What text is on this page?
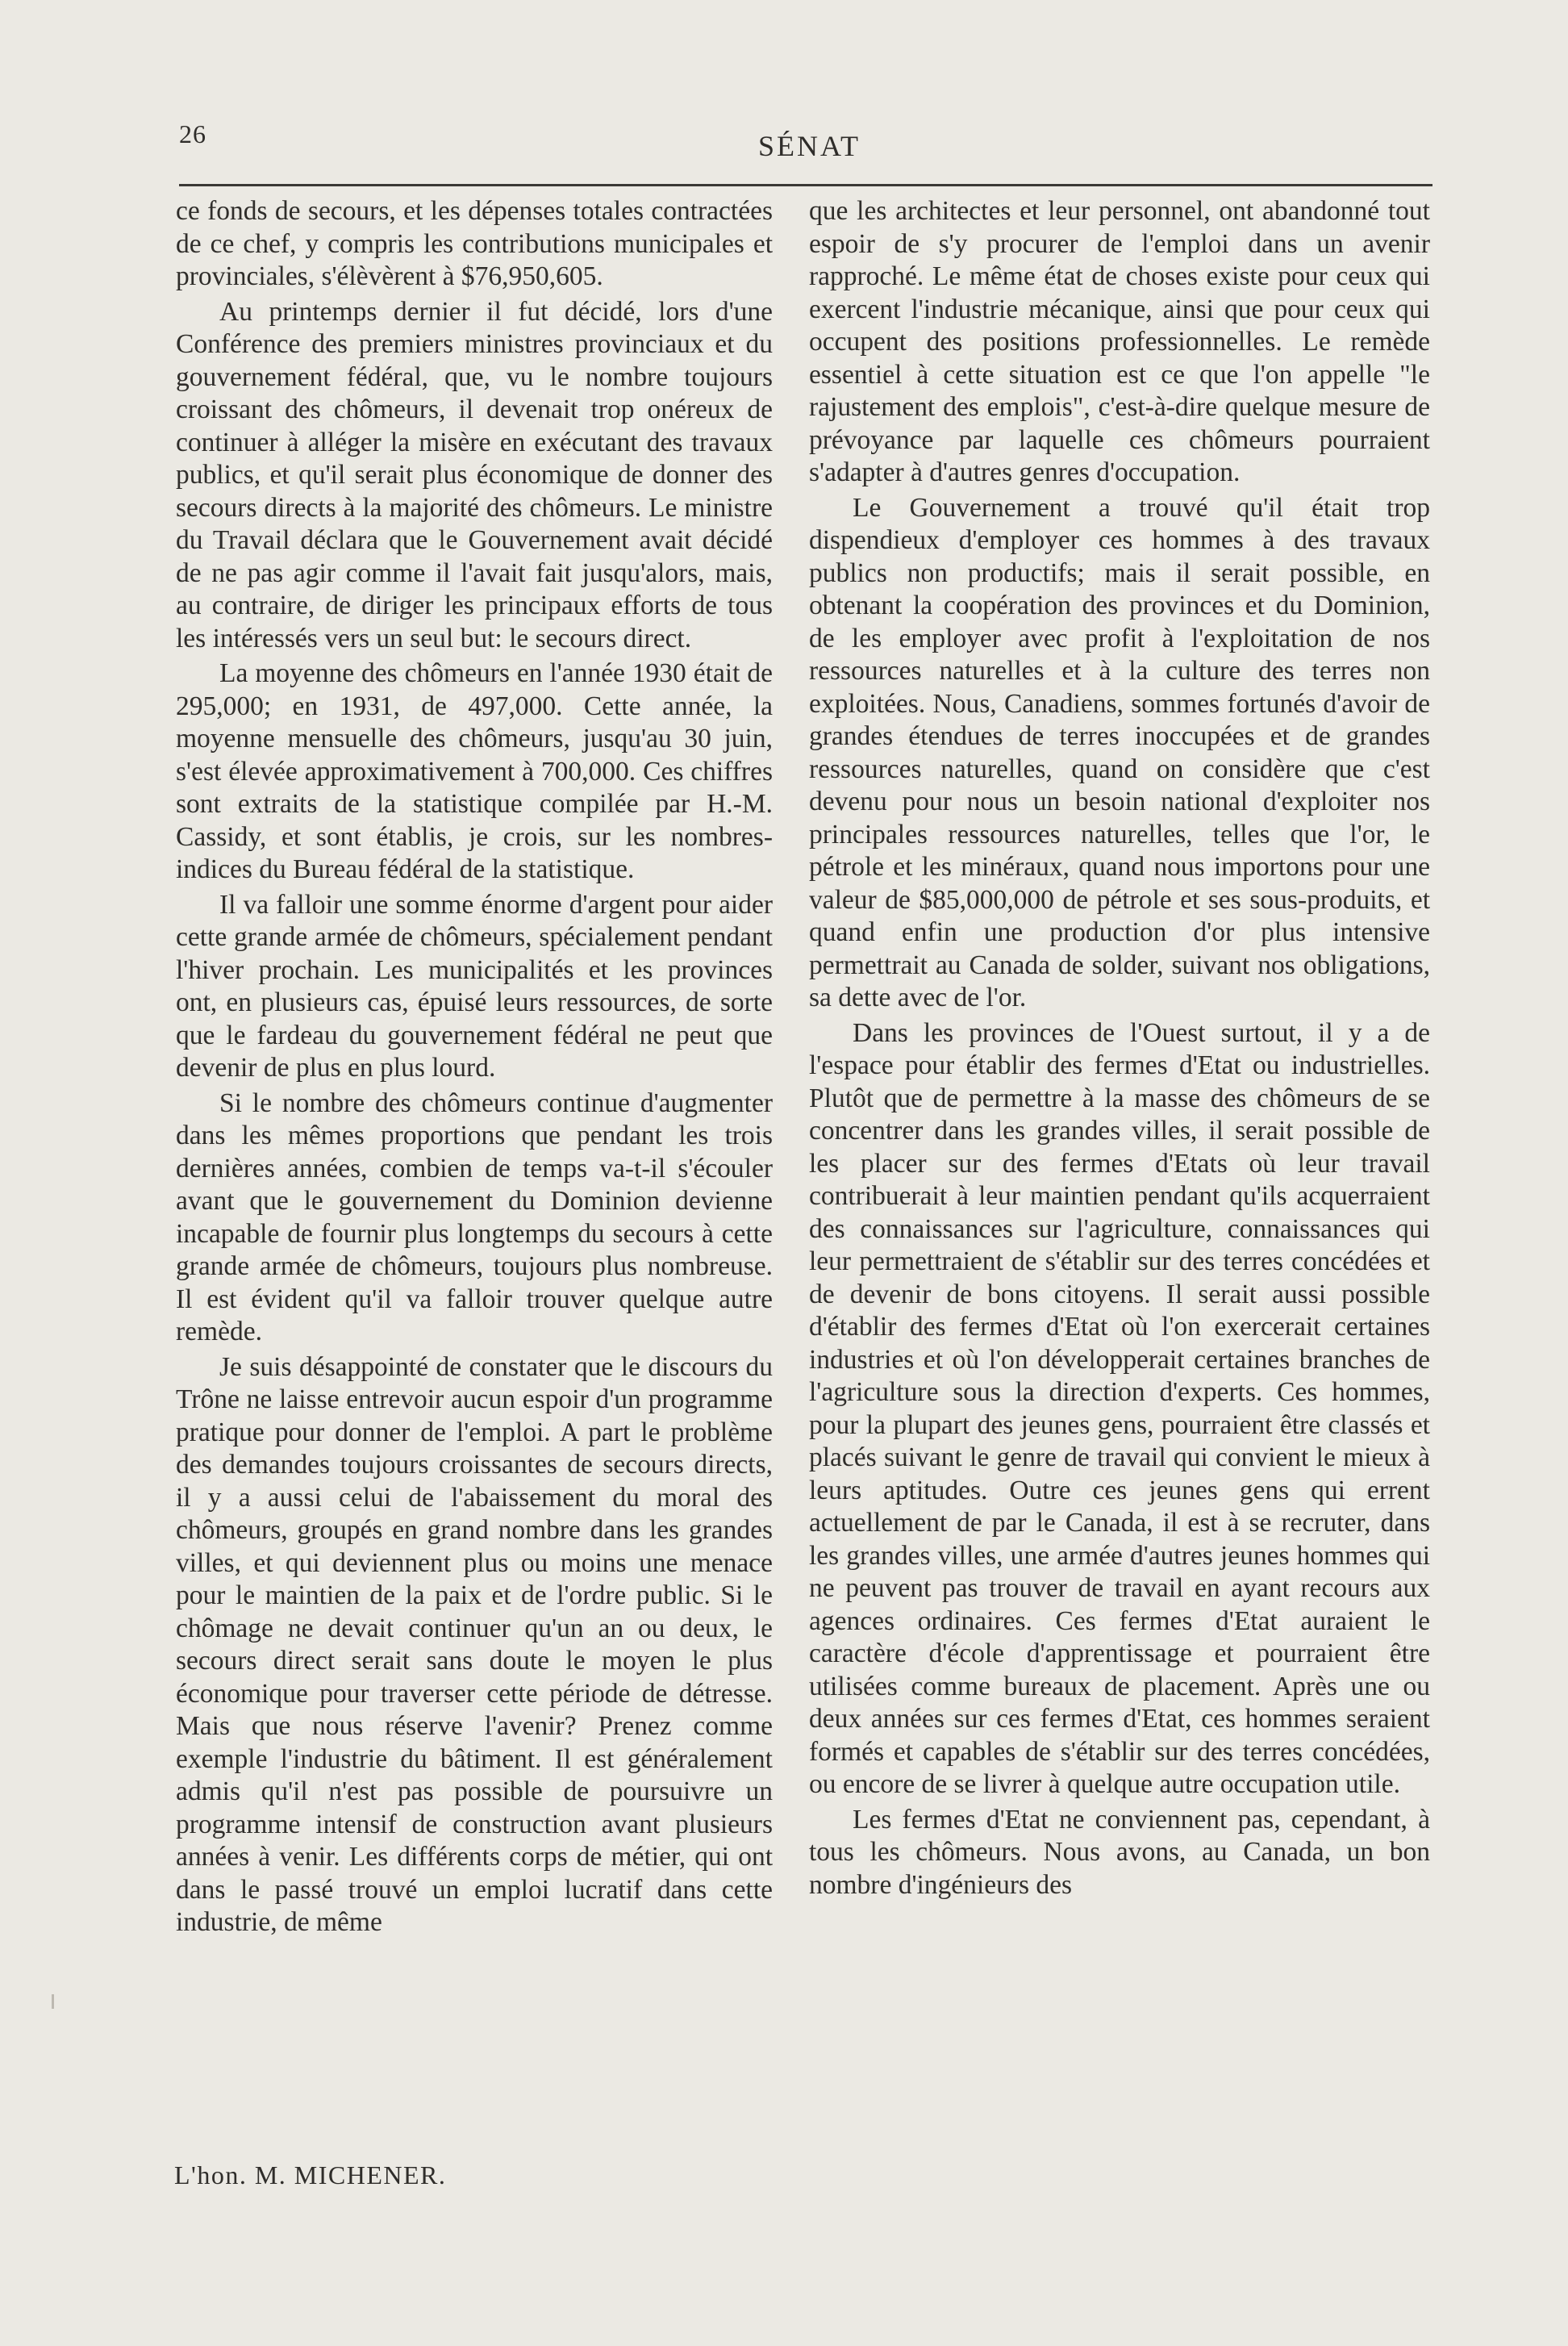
26	SÉNAT

ce fonds de secours, et les dépenses totales contractées de ce chef, y compris les contributions municipales et provinciales, s'élèvèrent à $76,950,605.

Au printemps dernier il fut décidé, lors d'une Conférence des premiers ministres provinciaux et du gouvernement fédéral, que, vu le nombre toujours croissant des chômeurs, il devenait trop onéreux de continuer à alléger la misère en exécutant des travaux publics, et qu'il serait plus économique de donner des secours directs à la majorité des chômeurs. Le ministre du Travail déclara que le Gouvernement avait décidé de ne pas agir comme il l'avait fait jusqu'alors, mais, au contraire, de diriger les principaux efforts de tous les intéressés vers un seul but: le secours direct.

La moyenne des chômeurs en l'année 1930 était de 295,000; en 1931, de 497,000. Cette année, la moyenne mensuelle des chômeurs, jusqu'au 30 juin, s'est élevée approximativement à 700,000. Ces chiffres sont extraits de la statistique compilée par H.-M. Cassidy, et sont établis, je crois, sur les nombres-indices du Bureau fédéral de la statistique.

Il va falloir une somme énorme d'argent pour aider cette grande armée de chômeurs, spécialement pendant l'hiver prochain. Les municipalités et les provinces ont, en plusieurs cas, épuisé leurs ressources, de sorte que le fardeau du gouvernement fédéral ne peut que devenir de plus en plus lourd.

Si le nombre des chômeurs continue d'augmenter dans les mêmes proportions que pendant les trois dernières années, combien de temps va-t-il s'écouler avant que le gouvernement du Dominion devienne incapable de fournir plus longtemps du secours à cette grande armée de chômeurs, toujours plus nombreuse. Il est évident qu'il va falloir trouver quelque autre remède.

Je suis désappointé de constater que le discours du Trône ne laisse entrevoir aucun espoir d'un programme pratique pour donner de l'emploi. A part le problème des demandes toujours croissantes de secours directs, il y a aussi celui de l'abaissement du moral des chômeurs, groupés en grand nombre dans les grandes villes, et qui deviennent plus ou moins une menace pour le maintien de la paix et de l'ordre public. Si le chômage ne devait continuer qu'un an ou deux, le secours direct serait sans doute le moyen le plus économique pour traverser cette période de détresse. Mais que nous réserve l'avenir? Prenez comme exemple l'industrie du bâtiment. Il est généralement admis qu'il n'est pas possible de poursuivre un programme intensif de construction avant plusieurs années à venir. Les différents corps de métier, qui ont dans le passé trouvé un emploi lucratif dans cette industrie, de même

que les architectes et leur personnel, ont abandonné tout espoir de s'y procurer de l'emploi dans un avenir rapproché. Le même état de choses existe pour ceux qui exercent l'industrie mécanique, ainsi que pour ceux qui occupent des positions professionnelles. Le remède essentiel à cette situation est ce que l'on appelle "le rajustement des emplois", c'est-à-dire quelque mesure de prévoyance par laquelle ces chômeurs pourraient s'adapter à d'autres genres d'occupation.

Le Gouvernement a trouvé qu'il était trop dispendieux d'employer ces hommes à des travaux publics non productifs; mais il serait possible, en obtenant la coopération des provinces et du Dominion, de les employer avec profit à l'exploitation de nos ressources naturelles et à la culture des terres non exploitées. Nous, Canadiens, sommes fortunés d'avoir de grandes étendues de terres inoccupées et de grandes ressources naturelles, quand on considère que c'est devenu pour nous un besoin national d'exploiter nos principales ressources naturelles, telles que l'or, le pétrole et les minéraux, quand nous importons pour une valeur de $85,000,000 de pétrole et ses sous-produits, et quand enfin une production d'or plus intensive permettrait au Canada de solder, suivant nos obligations, sa dette avec de l'or.

Dans les provinces de l'Ouest surtout, il y a de l'espace pour établir des fermes d'Etat ou industrielles. Plutôt que de permettre à la masse des chômeurs de se concentrer dans les grandes villes, il serait possible de les placer sur des fermes d'Etats où leur travail contribuerait à leur maintien pendant qu'ils acquerraient des connaissances sur l'agriculture, connaissances qui leur permettraient de s'établir sur des terres concédées et de devenir de bons citoyens. Il serait aussi possible d'établir des fermes d'Etat où l'on exercerait certaines industries et où l'on développerait certaines branches de l'agriculture sous la direction d'experts. Ces hommes, pour la plupart des jeunes gens, pourraient être classés et placés suivant le genre de travail qui convient le mieux à leurs aptitudes. Outre ces jeunes gens qui errent actuellement de par le Canada, il est à se recruter, dans les grandes villes, une armée d'autres jeunes hommes qui ne peuvent pas trouver de travail en ayant recours aux agences ordinaires. Ces fermes d'Etat auraient le caractère d'école d'apprentissage et pourraient être utilisées comme bureaux de placement. Après une ou deux années sur ces fermes d'Etat, ces hommes seraient formés et capables de s'établir sur des terres concédées, ou encore de se livrer à quelque autre occupation utile.

Les fermes d'Etat ne conviennent pas, cependant, à tous les chômeurs. Nous avons, au Canada, un bon nombre d'ingénieurs des

L'hon. M. MICHENER.
